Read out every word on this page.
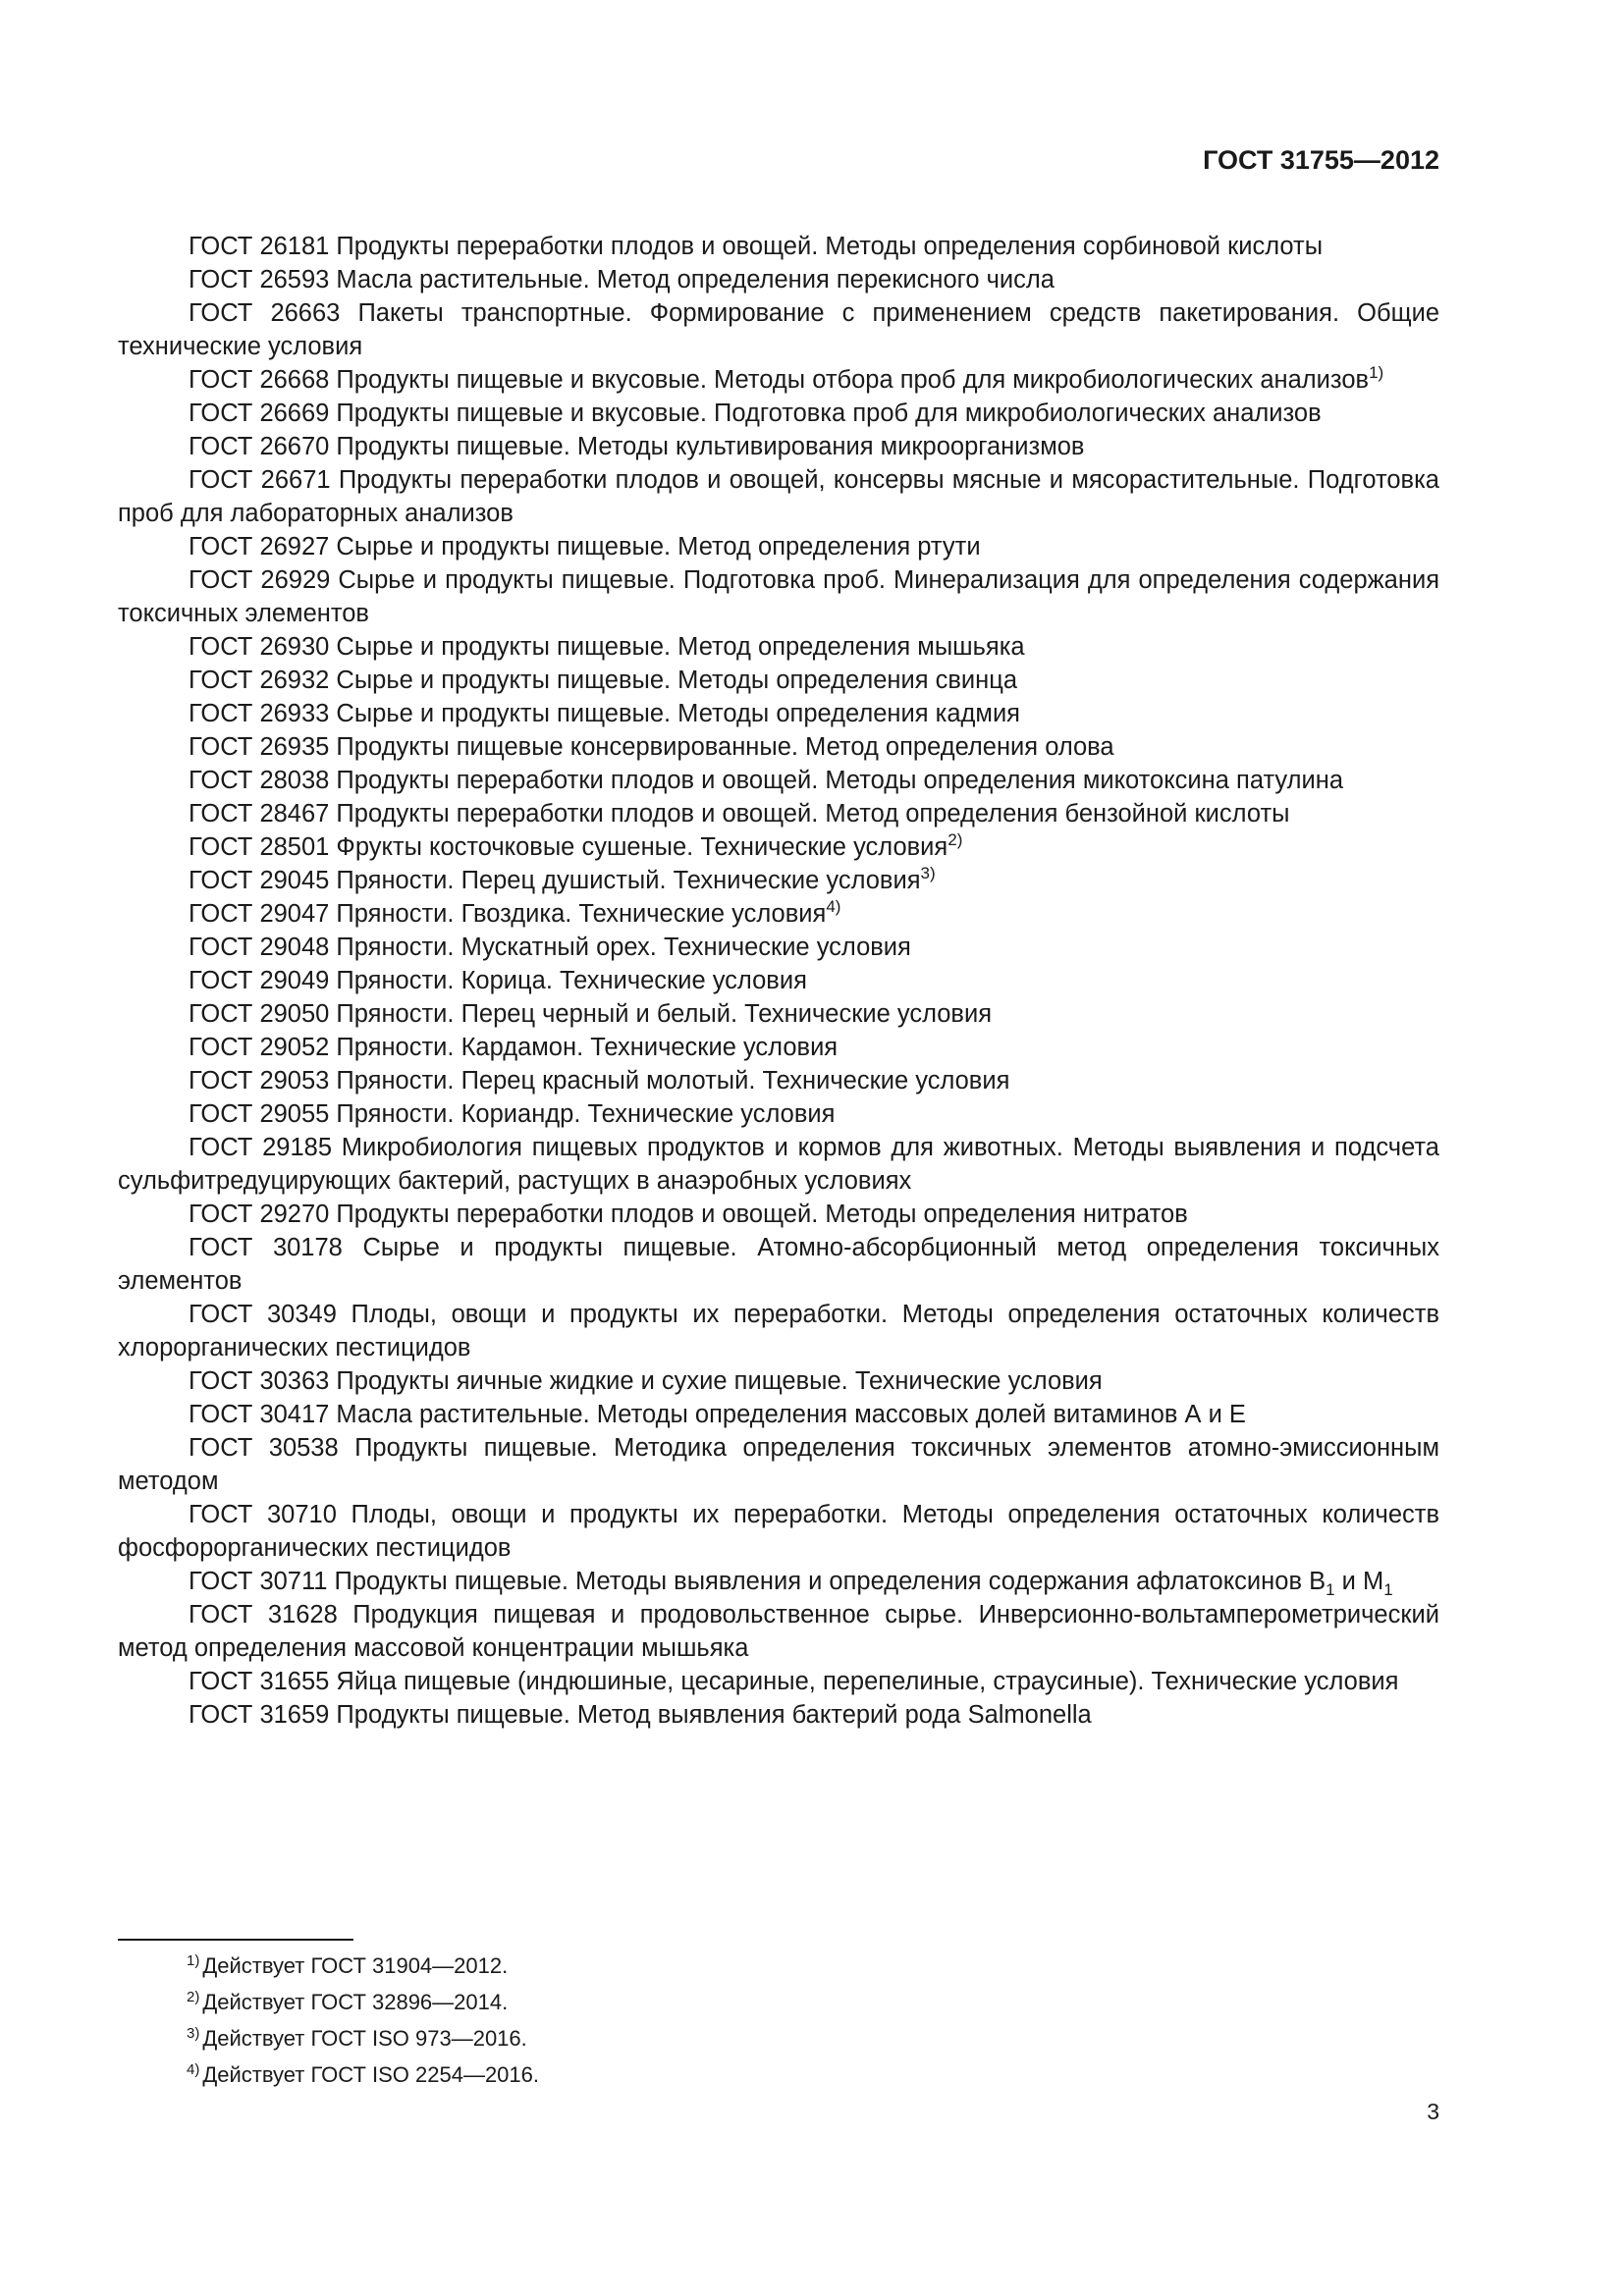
ГОСТ 31755—2012

ГОСТ 26181 Продукты переработки плодов и овощей. Методы определения сорбиновой кислоты

ГОСТ 26593 Масла растительные. Метод определения перекисного числа

ГОСТ 26663 Пакеты транспортные. Формирование с применением средств пакетирования. Общие технические условия

ГОСТ 26668 Продукты пищевые и вкусовые. Методы отбора проб для микробиологических анализов$^{1)}$

ГОСТ 26669 Продукты пищевые и вкусовые. Подготовка проб для микробиологических анализов

ГОСТ 26670 Продукты пищевые. Методы культивирования микроорганизмов

ГОСТ 26671 Продукты переработки плодов и овощей, консервы мясные и мясорастительные. Подготовка проб для лабораторных анализов

ГОСТ 26927 Сырье и продукты пищевые. Метод определения ртути

ГОСТ 26929 Сырье и продукты пищевые. Подготовка проб. Минерализация для определения содержания токсичных элементов

ГОСТ 26930 Сырье и продукты пищевые. Метод определения мышьяка

ГОСТ 26932 Сырье и продукты пищевые. Методы определения свинца

ГОСТ 26933 Сырье и продукты пищевые. Методы определения кадмия

ГОСТ 26935 Продукты пищевые консервированные. Метод определения олова

ГОСТ 28038 Продукты переработки плодов и овощей. Методы определения микотоксина патулина

ГОСТ 28467 Продукты переработки плодов и овощей. Метод определения бензойной кислоты

ГОСТ 28501 Фрукты косточковые сушеные. Технические условия$^{2)}$

ГОСТ 29045 Пряности. Перец душистый. Технические условия$^{3)}$

ГОСТ 29047 Пряности. Гвоздика. Технические условия$^{4)}$

ГОСТ 29048 Пряности. Мускатный орех. Технические условия

ГОСТ 29049 Пряности. Корица. Технические условия

ГОСТ 29050 Пряности. Перец черный и белый. Технические условия

ГОСТ 29052 Пряности. Кардамон. Технические условия

ГОСТ 29053 Пряности. Перец красный молотый. Технические условия

ГОСТ 29055 Пряности. Кориандр. Технические условия

ГОСТ 29185 Микробиология пищевых продуктов и кормов для животных. Методы выявления и подсчета сульфитредуцирующих бактерий, растущих в анаэробных условиях

ГОСТ 29270 Продукты переработки плодов и овощей. Методы определения нитратов

ГОСТ 30178 Сырье и продукты пищевые. Атомно-абсорбционный метод определения токсичных элементов

ГОСТ 30349 Плоды, овощи и продукты их переработки. Методы определения остаточных количеств хлорорганических пестицидов

ГОСТ 30363 Продукты яичные жидкие и сухие пищевые. Технические условия

ГОСТ 30417 Масла растительные. Методы определения массовых долей витаминов А и Е

ГОСТ 30538 Продукты пищевые. Методика определения токсичных элементов атомно-эмиссионным методом

ГОСТ 30710 Плоды, овощи и продукты их переработки. Методы определения остаточных количеств фосфорорганических пестицидов

ГОСТ 30711 Продукты пищевые. Методы выявления и определения содержания афлатоксинов $В_1$ и $М_1$

ГОСТ 31628 Продукция пищевая и продовольственное сырье. Инверсионно-вольтамперометрический метод определения массовой концентрации мышьяка

ГОСТ 31655 Яйца пищевые (индюшиные, цесариные, перепелиные, страусиные). Технические условия

ГОСТ 31659 Продукты пищевые. Метод выявления бактерий рода Salmonella

$^{1)}$ Действует ГОСТ 31904—2012.

$^{2)}$ Действует ГОСТ 32896—2014.

$^{3)}$ Действует ГОСТ ISO 973—2016.

$^{4)}$ Действует ГОСТ ISO 2254—2016.

3
